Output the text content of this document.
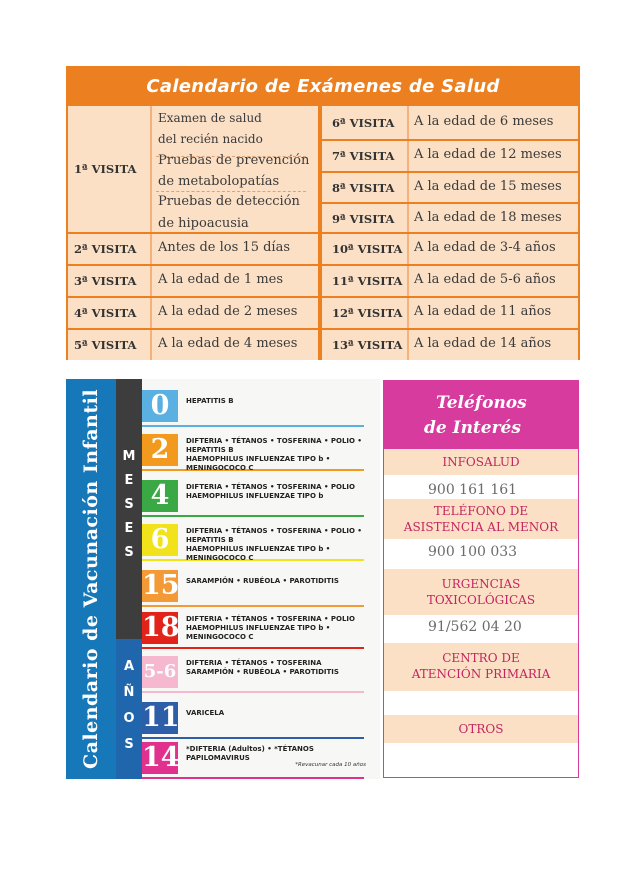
Calendario de Exámenes de Salud
1ª VISITA
Examen de salud
del recién nacido
Pruebas de prevención
de metabolopatías
Pruebas de detección
de hipoacusia
2ª VISITA Antes de los 15 días
3ª VISITA A la edad de 1 mes
4ª VISITA A la edad de 2 meses
5ª VISITA A la edad de 4 meses
6ª VISITA A la edad de 6 meses
7ª VISITA A la edad de 12 meses
8ª VISITA A la edad de 15 meses
9ª VISITA A la edad de 18 meses
10ª VISITA A la edad de 3-4 años
11ª VISITA A la edad de 5-6 años
12ª VISITA A la edad de 11 años
13ª VISITA A la edad de 14 años
Calendario de Vacunación Infantil	M
E
S
E
S
A
Ñ
O
S
0	HEPATITIS B
2	DIFTERIA • TÉTANOS • TOSFERINA • POLIO • HEPATITIS B
HAEMOPHILUS INFLUENZAE TIPO b • MENINGOCOCO C
4	DIFTERIA • TÉTANOS • TOSFERINA • POLIO
HAEMOPHILUS INFLUENZAE TIPO b
6	DIFTERIA • TÉTANOS • TOSFERINA • POLIO • HEPATITIS B
HAEMOPHILUS INFLUENZAE TIPO b • MENINGOCOCO C
15 SARAMPIÓN • RUBÉOLA • PAROTIDITIS
18 DIFTERIA • TÉTANOS • TOSFERINA • POLIO
HAEMOPHILUS INFLUENZAE TIPO b • MENINGOCOCO C
5-6 DIFTERIA • TÉTANOS • TOSFERINA
SARAMPIÓN • RUBÉOLA • PAROTIDITIS
11 VARICELA
14 *DIFTERIA (Adultos) • *TÉTANOS
PAPILOMAVIRUS
*Revacunar cada 10 años
Teléfonos
de Interés
INFOSALUD
900 161 161
TELÉFONO DE
ASISTENCIA AL MENOR
900 100 033
URGENCIAS
TOXICOLÓGICAS
91/562 04 20
CENTRO DE
ATENCIÓN PRIMARIA
OTROS
